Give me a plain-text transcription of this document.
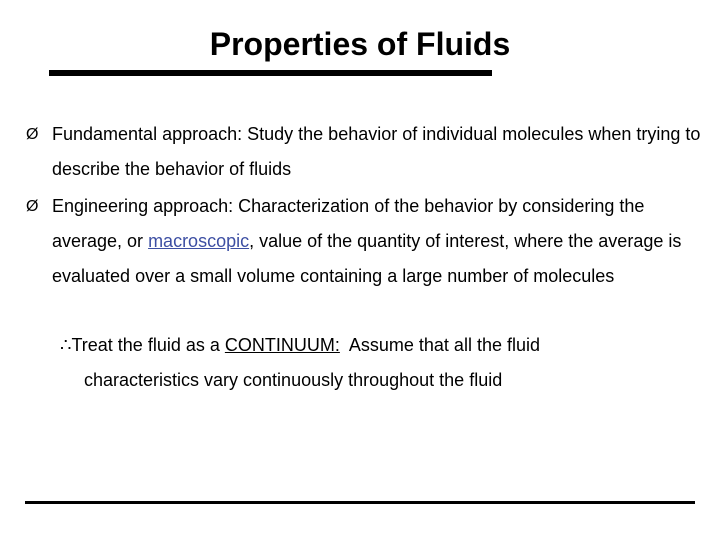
Properties of Fluids
Ø Fundamental approach: Study the behavior of individual molecules when trying to describe the behavior of fluids
Ø Engineering approach: Characterization of the behavior by considering the average, or macroscopic, value of the quantity of interest, where the average is evaluated over a small volume containing a large number of molecules
∴Treat the fluid as a CONTINUUM:  Assume that all the fluid
characteristics vary continuously throughout the fluid
